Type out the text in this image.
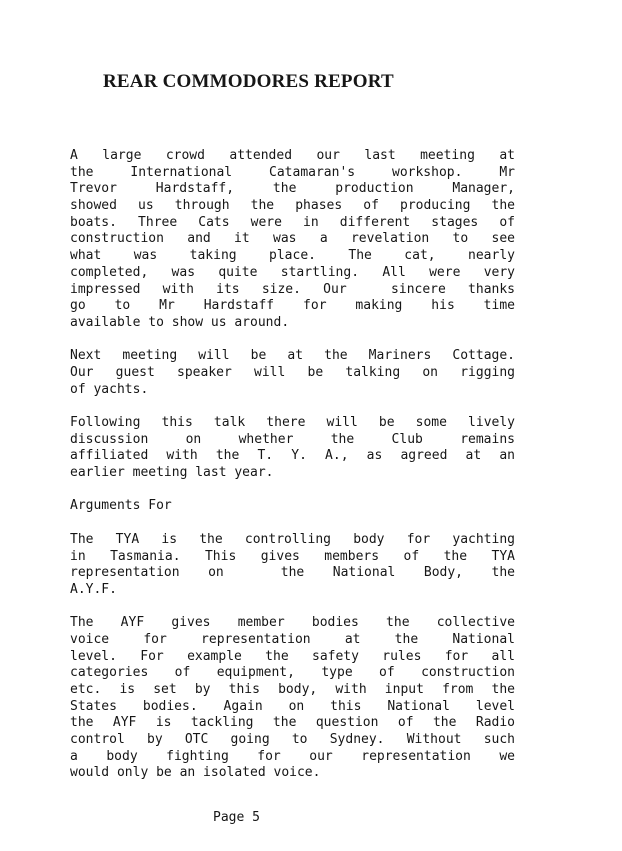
REAR COMMODORES REPORT
A large crowd attended our last meeting at
the International Catamaran's workshop. Mr
Trevor Hardstaff, the production Manager,
showed us through the phases of producing the
boats. Three Cats were in different stages of
construction and it was a revelation to see
what was taking place. The cat, nearly
completed, was quite startling. All were very
impressed with its size. Our  sincere thanks
go to Mr Hardstaff for making his time
available to show us around.
Next meeting will be at the Mariners Cottage.
Our guest speaker will be talking on rigging
of yachts.
Following this talk there will be some lively
discussion on whether the Club remains
affiliated with the T. Y. A., as agreed at an
earlier meeting last year.
Arguments For
The TYA is the controlling body for yachting
in Tasmania. This gives members of the TYA
representation on  the National Body, the
A.Y.F.
The AYF gives member bodies the collective
voice for representation at the National
level. For example the safety rules for all
categories of equipment, type of construction
etc. is set by this body, with input from the
States bodies. Again on this National level
the AYF is tackling the question of the Radio
control by OTC going to Sydney. Without such
a body fighting for our representation we
would only be an isolated voice.

Page 5
